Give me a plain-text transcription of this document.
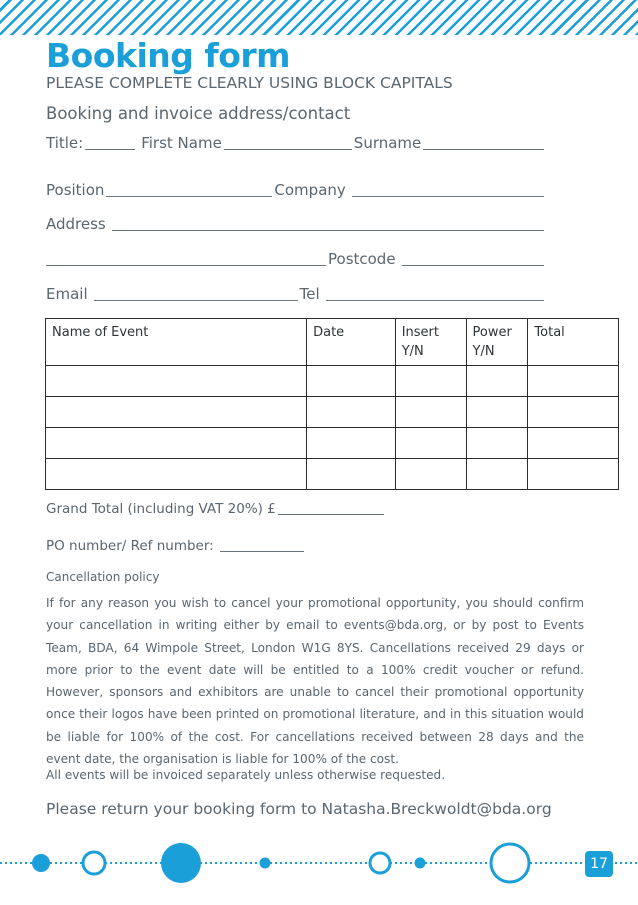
Booking form
PLEASE COMPLETE CLEARLY USING BLOCK CAPITALS
Booking and invoice address/contact
Title:	First Name	Surname
Position	Company
Address
Postcode
Email	Tel
Name of Event	Date	Insert Y/N	Power Y/N	Total

Grand Total (including VAT 20%) £
PO number/ Ref number:
Cancellation policy

If for any reason you wish to cancel your promotional opportunity, you should confirm your cancellation in writing either by email to events@bda.org, or by post to Events Team, BDA, 64 Wimpole Street, London W1G 8YS. Cancellations received 29 days or more prior to the event date will be entitled to a 100% credit voucher or refund. However, sponsors and exhibitors are unable to cancel their promotional opportunity once their logos have been printed on promotional literature, and in this situation would be liable for 100% of the cost. For cancellations received between 28 days and the event date, the organisation is liable for 100% of the cost.

All events will be invoiced separately unless otherwise requested.
Please return your booking form to Natasha.Breckwoldt@bda.org
17
